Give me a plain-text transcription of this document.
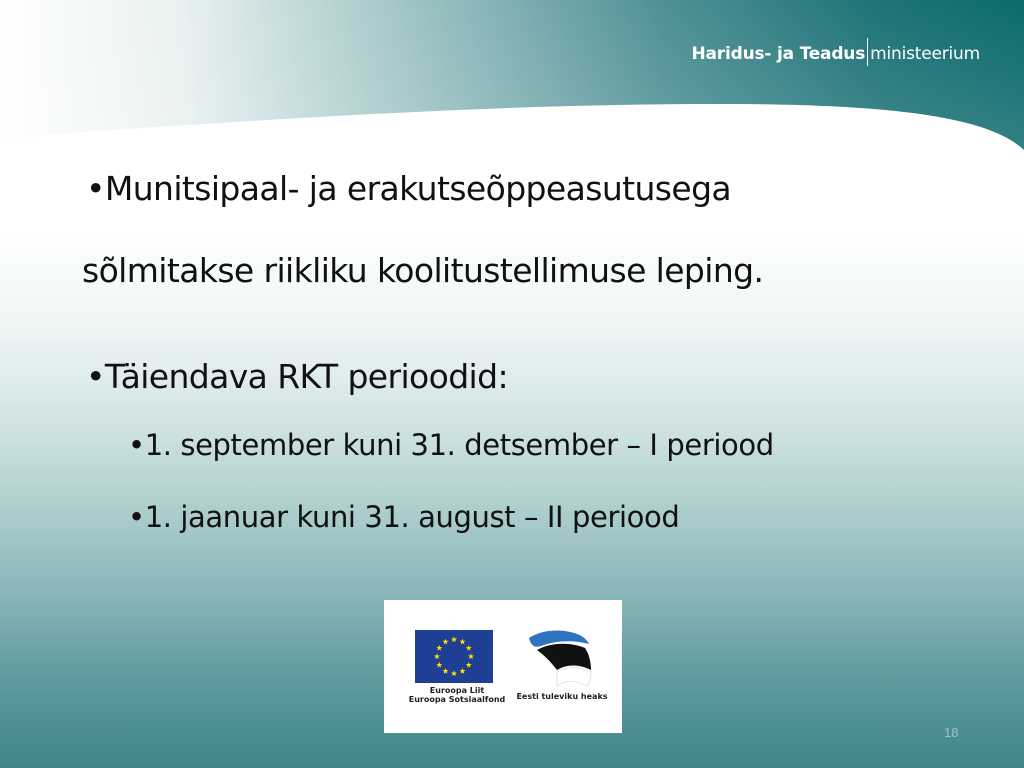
Haridus- ja Teadus ministeerium
•Munitsipaal- ja erakutseõppeasutusega
sõlmitakse riikliku koolitustellimuse leping.
•Täiendava RKT perioodid:
•1. september kuni 31. detsember – I periood
•1. jaanuar kuni 31. august – II periood
Euroopa Liit
Euroopa Sotsiaalfond	Eesti tuleviku heaks
18
